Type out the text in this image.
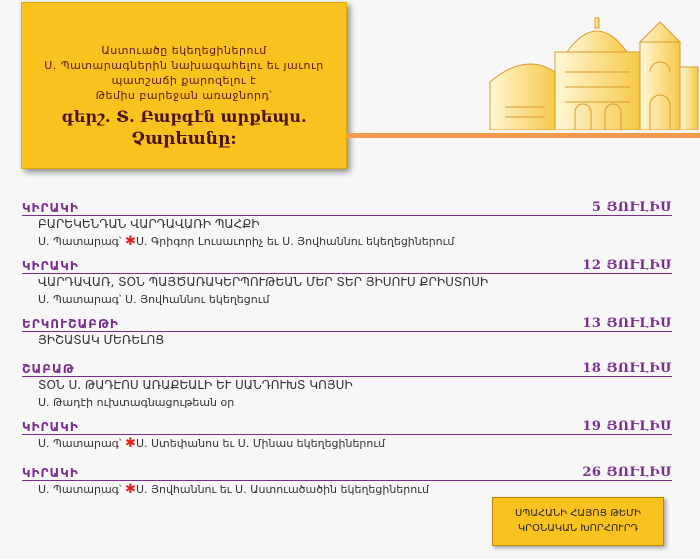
Աստուածը եկեղեցիներում
Ս. Պատարագներին նախագահելու եւ յաւուր
պատշաճի քարոզելու է
Թեմիս բարեջան առաջնորդ՝
գերշ. Տ. Բաբգէն արքեպս.
Չարեանը:
ԿԻՐԱԿԻ	5 ՅՈՒԼԻՍ
ԲԱՐԵԿԵՆԴԱՆ ՎԱՐԴԱՎԱՌԻ ՊԱՀՔԻ
Ս. Պատարագ՝ ✱Ս. Գրիգոր Լուսաւորիչ եւ Ս. Յովհաննու եկեղեցիներում
ԿԻՐԱԿԻ	12 ՅՈՒԼԻՍ
ՎԱՐԴԱՎԱՌ, ՏՕՆ ՊԱՅԾԱՌԱԿԵՐՊՈՒԹԵԱՆ ՄԵՐ ՏԵՐ ՅԻՍՈՒՍ ՔՐԻՍՏՈՍԻ
Ս. Պատարագ՝ Ս. Յովհաննու եկեղեցում
ԵՐԿՈՒՇԱԲԹԻ	13 ՅՈՒԼԻՍ
ՅԻՇԱՏԱԿ ՄԵՌԵԼՈՑ
ՇԱԲԱԹ	18 ՅՈՒԼԻՍ
ՏՕՆ Ս. ԹԱԴԷՈՍ ԱՌԱՔԵԱԼԻ ԵՒ ՍԱՆԴՈՒԽՏ ԿՈՅՍԻ
Ս. Թադէի ուխտագնացութեան օր
ԿԻՐԱԿԻ	19 ՅՈՒԼԻՍ
Ս. Պատարագ՝ ✱Ս. Ստեփանոս եւ Ս. Մինաս եկեղեցիներում
ԿԻՐԱԿԻ	26 ՅՈՒԼԻՍ
Ս. Պատարագ՝ ✱Ս. Յովհաննու եւ Ս. Աստուածածին եկեղեցիներում
ՍՊԱՀԱՆԻ ՀԱՅՈՑ ԹԵՄԻ
ԿՐՕՆԱԿԱՆ ԽՈՐՀՈՒՐԴ
